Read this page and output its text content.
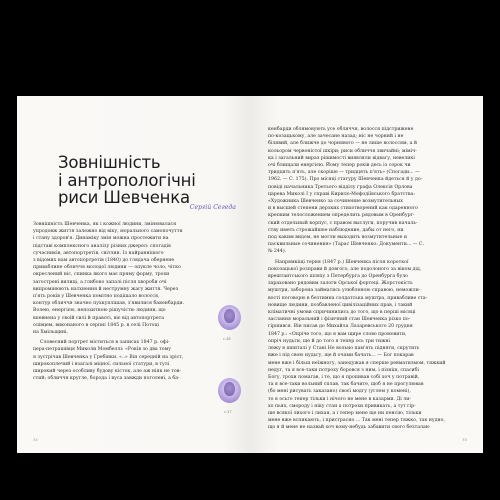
Зовнішність
і антропологічні
риси Шевченка
Сергій Сегеда
Зовнішність Шевченка, як і кожної людини, змінювалася
упродовж життя залежно від віку, морального самопочуття
і стану здоров'я. Динаміку змін можна простежити на
підставі комплексного аналізу різних джерел: спогадів
сучасників, автопортретів, світлин. Із найраннішого
з відомих нам автопортретів (1840) до глядача обернене
приваблине обличчя молодої людини — опукле чоло, чітко
окреслений ніс, спинка якого має пряму форму, трохи
загострені вилиці, а глибоко запалі після хвороби очі
випромінюють натхнення й неструмну жагу життя. Через
п'ять років у Шевченка помітно подішало волосся,
контур обличчя значно пухкуплішав, з'явилися бакенбарди.
Волею, енергією, непохитною рішучістю людини, що
впевнена у своїй силі й правоті, віє від автопортрета
олівцем, виконаного в серпні 1845 р. в селі Потоці
на Хмільщині.
Словесний портрет міститься в записах 1847 р. офі-
цера-петрашівця Миколи Момбеллі: «Років зо два тому
я зустрічав Шевченка у Гребінки. «..» Він середній на зріст,
широкоплечий і взагалі міцної, сильної статури, в тулі
широкий через особливу будову кісток, але аж ніяк не тов-
стий; обличчя кругле, борода і вуса завжди поголені, а ба-
с.48
с.37
34
кенбарди облямовують усе обличчя, волосся підстрижене
по-козацькому, але зачесане назад; ніс не чорний і не
білявий, але ближче до чорнявого — не лише волоссям, а й
кольором червоністої шкіри; риси обличчя звичайні; міміч-
ка і загальний вираз рішимості виявляли відвагу, невеликі
очі блищали енергією. Йому тепер років десь із сорок чи
тридцять п'ять, але скоріше — тридцять п'ять» (Спогади... —
1962. — С. 175). Про місяці статуру Шевченка йдеться й у до-
повіді начальника Третього відділу графа Олексія Орлова
царева Миколі І у справі Кирило-Мефодіївського братства:
«Художника Шевченко за сочинение возмутительных
и в высшей степени дерзких стихотворений как одаренного
крепким телосложением определить рядовым в Оренбург-
ский отдельный корпус, с правом выслуги, поручив началь-
ству иметь строжайшее наблюдение, дабы от него, ни
под каким видом, не могли выходить возмутительные и
пасквильные сочинения» (Тарас Шевченко: Документи... — С.
№ 244).
Напрямкіщі терня (1847 р.) Шевченка після короткої
покозацької розправи й довгого, але подолоного за віком дід,
врештантського шляху з Петербурга до Оренбурга було
зараховано рядовим залоги Орської фортеці. Жорстокість
муштри, заборона займатись улюбленою справою, неможли-
вості поговорю в безтимна солдатська муштра, привабливе ста-
новище людини, позбавленої цивілізаційних прав, і такий
кліматичні умови спричинились до того, що в перші місяці
заслання моральний і фізичний стан Шевченка різко по-
гіршився. Він писав до Михайла Лазаревського 20 грудня
1847 р.: «Опріче того, що я вам щире слово промовити,
опріч нудьги, ще й до того я тепер ось три тижні
лежу в шпиталі у Стані Не вольно пам'ять підняти, скрутить
вже і під свою нудьгу, ще й очами бачать... — Бог покарав
мене вже і більш неїжногу, занедужав я сперше ревматизмом, тяжкий
недуг, та я все-таки потроху боровся з ним, і пізніш, спасибі
Богу, трохи помагав, і те, що я пропивав собі хоч у потравій,
та я все-таки вольний сплав, так бачите, щоб я не прогулював
(бо мені рисувать заказано) своєї модгу (углем у комені),
то я осьго тепер тільки і нічого не мене в казарми. Ді ли-
хо пьях, смороду і ніку стан а потрохи привикать, а тут гір-
ше всякої лихого і лихая, а і тепер мене ще ни пенсію, тільки
мене вже вспикають, і пристрасно ... Так мені тепер тяжко, так нудно,
що я й мене не назвай хоч кому-небудь забавити свого безталан-
35
